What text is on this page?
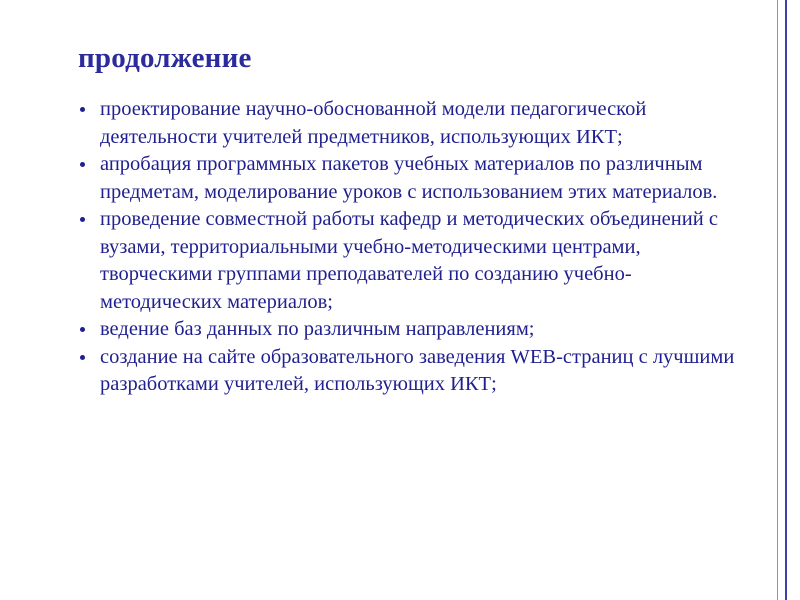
продолжение
проектирование научно-обоснованной модели педагогической деятельности учителей предметников, использующих ИКТ;
апробация программных пакетов учебных материалов по различным предметам, моделирование уроков с использованием этих материалов.
проведение совместной работы кафедр и методических объединений с вузами, территориальными учебно-методическими центрами, творческими группами преподавателей по созданию учебно-методических материалов;
ведение баз данных по различным направлениям;
создание на сайте образовательного заведения WEB-страниц с лучшими разработками учителей, использующих ИКТ;
